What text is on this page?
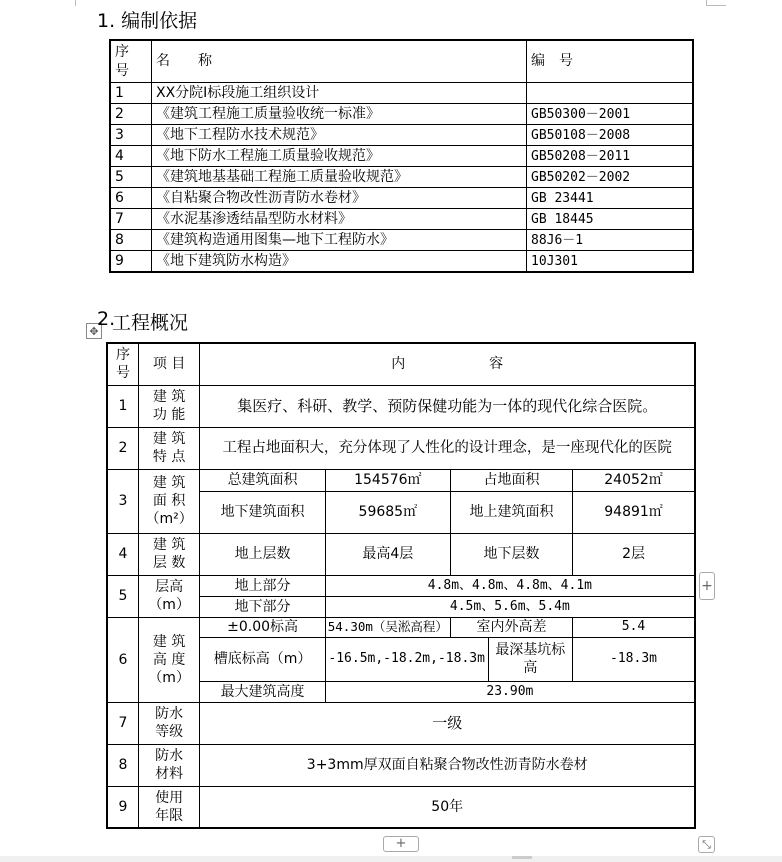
1. 编制依据
序
号	名　　称	编　号
1	XX分院Ⅰ标段施工组织设计	
2	《建筑工程施工质量验收统一标准》	GB50300－2001
3	《地下工程防水技术规范》	GB50108－2008
4	《地下防水工程施工质量验收规范》	GB50208－2011
5	《建筑地基基础工程施工质量验收规范》	GB50202－2002
6	《自粘聚合物改性沥青防水卷材》	GB 23441
7	《水泥基渗透结晶型防水材料》	GB 18445
8	《建筑构造通用图集—地下工程防水》	88J6－1
9	《地下建筑防水构造》	10J301
✥
2.
工程概况
序
号	项 目	内　　　　　　容				
1	建 筑
功 能	集医疗、科研、教学、预防保健功能为一体的现代化综合医院。				
2	建 筑
特 点	工程占地面积大，充分体现了人性化的设计理念，是一座现代化的医院				
3	建 筑
面 积
（m²）	总建筑面积	154576㎡	占地面积		24052㎡
		地下建筑面积	59685㎡	地上建筑面积		94891㎡
4	建 筑
层 数	地上层数	最高4层	地下层数		2层
5	层高
（m）	地上部分	4.8m、4.8m、4.8m、4.1m			
		地下部分	4.5m、5.6m、5.4m			
6	建 筑
高 度
（m）	±0.00标高	54.30m（吴淞高程）	室内外高差		5.4
		槽底标高（m）	-16.5m,-18.2m,-18.3m		最深基坑标高	-18.3m
		最大建筑高度	23.90m			
7	防水
等级	一级				
8	防水
材料	3+3mm厚双面自粘聚合物改性沥青防水卷材				
9	使用
年限	50年				
+
+	⤡
